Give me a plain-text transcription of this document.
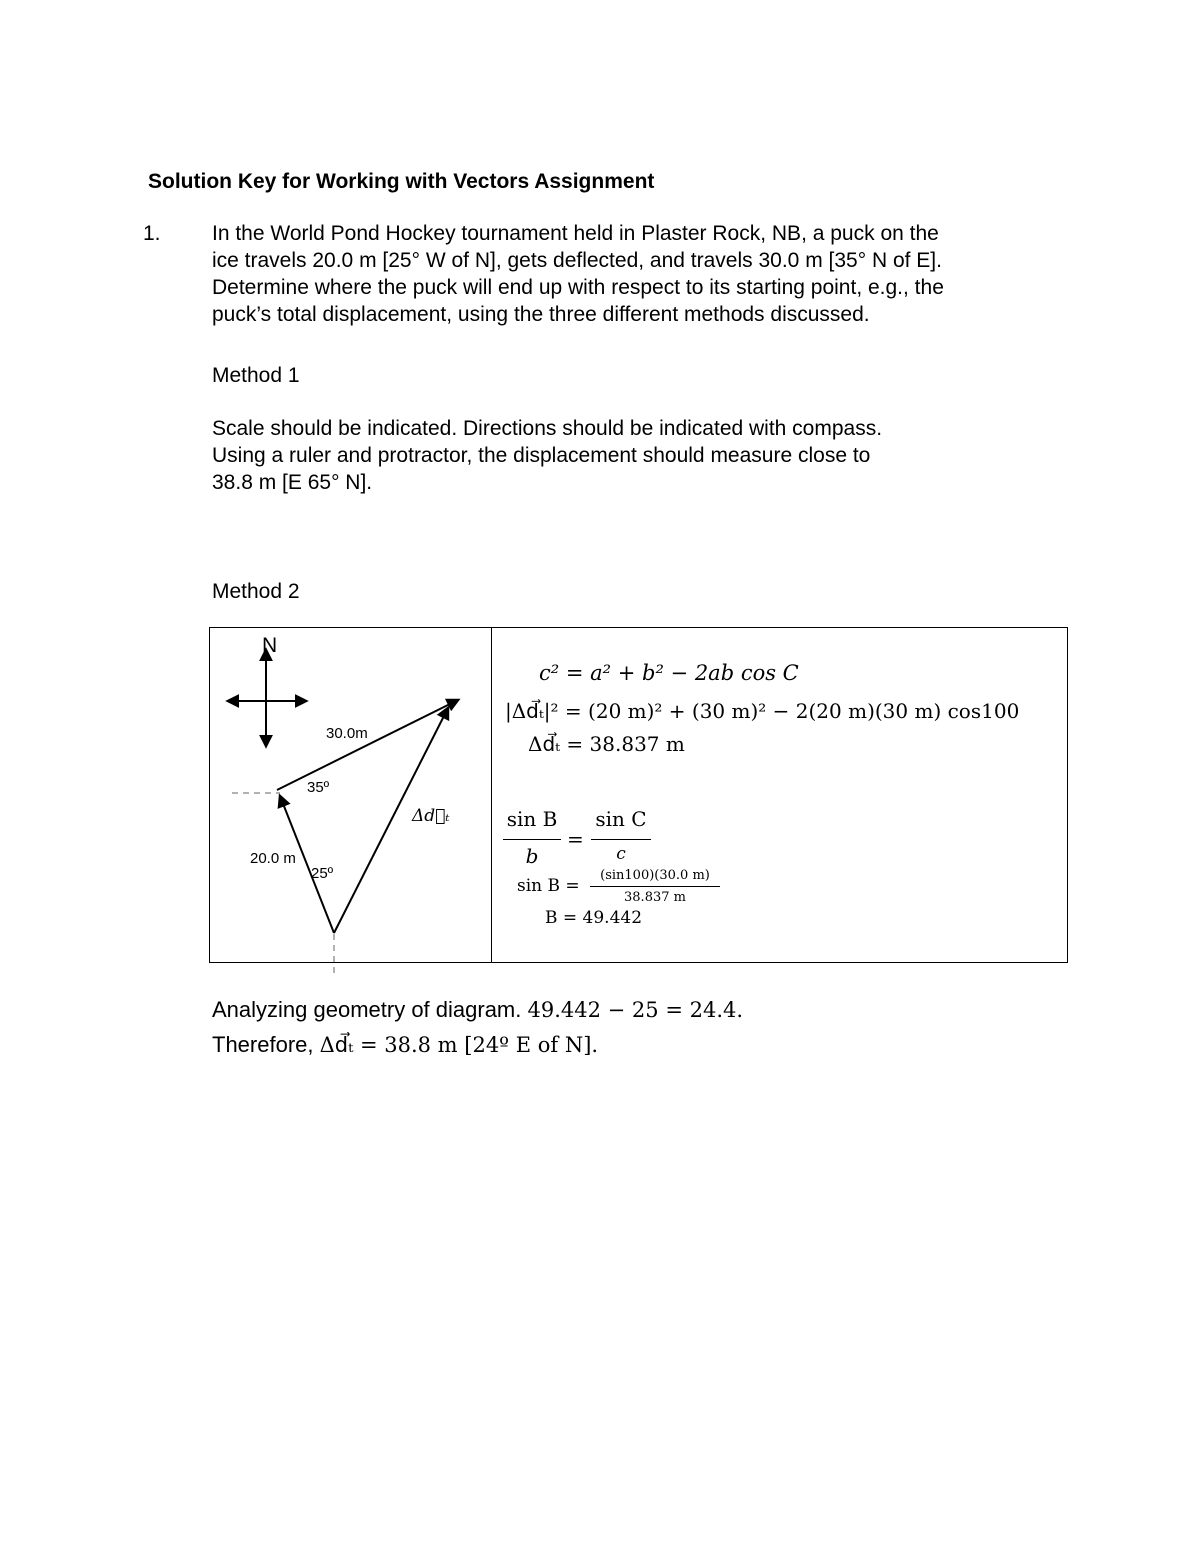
Solution Key for Working with Vectors Assignment
1. In the World Pond Hockey tournament held in Plaster Rock, NB, a puck on the
ice travels 20.0 m [25° W of N], gets deflected, and travels 30.0 m [35° N of E].
Determine where the puck will end up with respect to its starting point, e.g., the
puck’s total displacement, using the three different methods discussed.
Method 1
Scale should be indicated. Directions should be indicated with compass.
Using a ruler and protractor, the displacement should measure close to
38.8 m [E 65° N].
Method 2
N
30.0m
35º
Δd⃗ₜ
20.0 m
25º
c² = a² + b² − 2ab cos C
|Δd⃗ₜ|² = (20 m)² + (30 m)² − 2(20 m)(30 m) cos100
Δd⃗ₜ = 38.837 m
sin B
b
=
sin C
c
sin B =
(sin100)(30.0 m)
38.837 m
B = 49.442
Analyzing geometry of diagram. 49.442 − 25 = 24.4.
Therefore, Δd⃗ₜ = 38.8 m [24º E of N].
